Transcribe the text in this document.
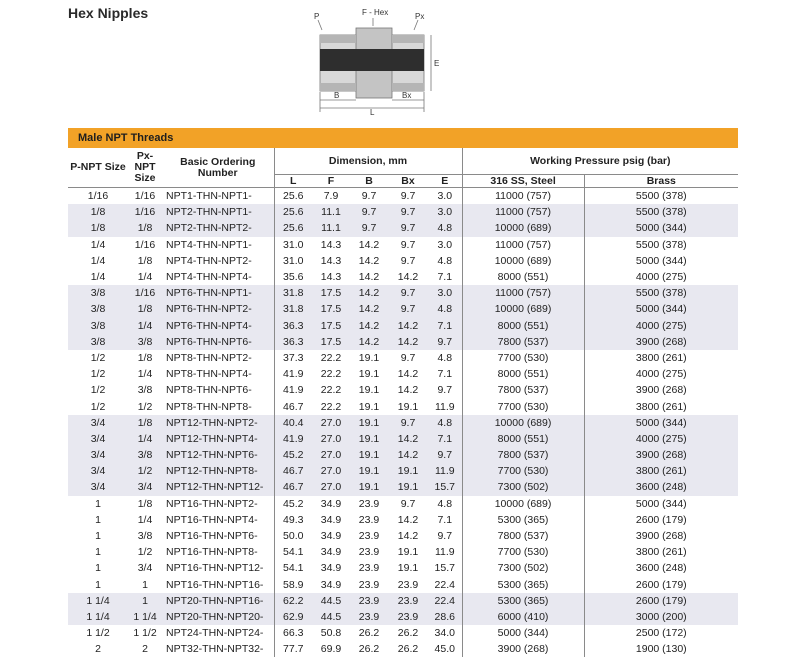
Hex Nipples	P	F - Hex	Px
E
B	Bx
L
Male NPT Threads
P-NPT Size	Px-NPT Size	Basic Ordering Number	Dimension, mm					Working Pressure psig (bar)	
			L	F	B	Bx	E	316 SS, Steel	Brass
1/16	1/16	NPT1-THN-NPT1-	25.6	7.9	9.7	9.7	3.0	11000 (757)	5500 (378)
1/8	1/16	NPT2-THN-NPT1-	25.6	11.1	9.7	9.7	3.0	11000 (757)	5500 (378)
1/8	1/8	NPT2-THN-NPT2-	25.6	11.1	9.7	9.7	4.8	10000 (689)	5000 (344)
1/4	1/16	NPT4-THN-NPT1-	31.0	14.3	14.2	9.7	3.0	11000 (757)	5500 (378)
1/4	1/8	NPT4-THN-NPT2-	31.0	14.3	14.2	9.7	4.8	10000 (689)	5000 (344)
1/4	1/4	NPT4-THN-NPT4-	35.6	14.3	14.2	14.2	7.1	8000 (551)	4000 (275)
3/8	1/16	NPT6-THN-NPT1-	31.8	17.5	14.2	9.7	3.0	11000 (757)	5500 (378)
3/8	1/8	NPT6-THN-NPT2-	31.8	17.5	14.2	9.7	4.8	10000 (689)	5000 (344)
3/8	1/4	NPT6-THN-NPT4-	36.3	17.5	14.2	14.2	7.1	8000 (551)	4000 (275)
3/8	3/8	NPT6-THN-NPT6-	36.3	17.5	14.2	14.2	9.7	7800 (537)	3900 (268)
1/2	1/8	NPT8-THN-NPT2-	37.3	22.2	19.1	9.7	4.8	7700 (530)	3800 (261)
1/2	1/4	NPT8-THN-NPT4-	41.9	22.2	19.1	14.2	7.1	8000 (551)	4000 (275)
1/2	3/8	NPT8-THN-NPT6-	41.9	22.2	19.1	14.2	9.7	7800 (537)	3900 (268)
1/2	1/2	NPT8-THN-NPT8-	46.7	22.2	19.1	19.1	11.9	7700 (530)	3800 (261)
3/4	1/8	NPT12-THN-NPT2-	40.4	27.0	19.1	9.7	4.8	10000 (689)	5000 (344)
3/4	1/4	NPT12-THN-NPT4-	41.9	27.0	19.1	14.2	7.1	8000 (551)	4000 (275)
3/4	3/8	NPT12-THN-NPT6-	45.2	27.0	19.1	14.2	9.7	7800 (537)	3900 (268)
3/4	1/2	NPT12-THN-NPT8-	46.7	27.0	19.1	19.1	11.9	7700 (530)	3800 (261)
3/4	3/4	NPT12-THN-NPT12-	46.7	27.0	19.1	19.1	15.7	7300 (502)	3600 (248)
1	1/8	NPT16-THN-NPT2-	45.2	34.9	23.9	9.7	4.8	10000 (689)	5000 (344)
1	1/4	NPT16-THN-NPT4-	49.3	34.9	23.9	14.2	7.1	5300 (365)	2600 (179)
1	3/8	NPT16-THN-NPT6-	50.0	34.9	23.9	14.2	9.7	7800 (537)	3900 (268)
1	1/2	NPT16-THN-NPT8-	54.1	34.9	23.9	19.1	11.9	7700 (530)	3800 (261)
1	3/4	NPT16-THN-NPT12-	54.1	34.9	23.9	19.1	15.7	7300 (502)	3600 (248)
1	1	NPT16-THN-NPT16-	58.9	34.9	23.9	23.9	22.4	5300 (365)	2600 (179)
1 1/4	1	NPT20-THN-NPT16-	62.2	44.5	23.9	23.9	22.4	5300 (365)	2600 (179)
1 1/4	1 1/4	NPT20-THN-NPT20-	62.9	44.5	23.9	23.9	28.6	6000 (410)	3000 (200)
1 1/2	1 1/2	NPT24-THN-NPT24-	66.3	50.8	26.2	26.2	34.0	5000 (344)	2500 (172)
2	2	NPT32-THN-NPT32-	77.7	69.9	26.2	26.2	45.0	3900 (268)	1900 (130)
